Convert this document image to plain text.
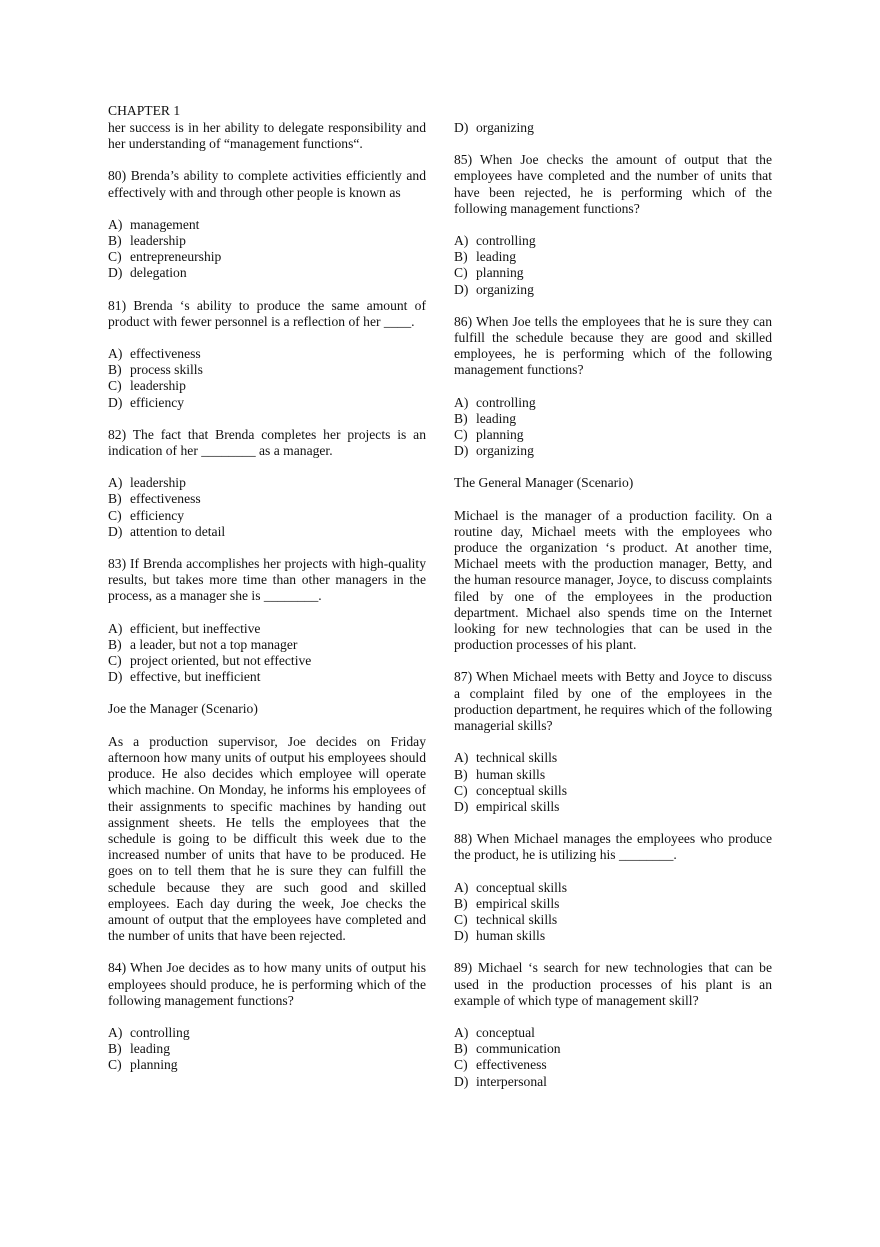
CHAPTER 1

her success is in her ability to delegate responsibility and her understanding of “management functions“.

80) Brenda’s ability to complete activities efficiently and effectively with and through other people is known as

A) management
B) leadership
C) entrepreneurship
D) delegation

81) Brenda ‘s ability to produce the same amount of product with fewer personnel is a reflection of her ____.

A) effectiveness
B) process skills
C) leadership
D) efficiency

82) The fact that Brenda completes her projects is an indication of her ________ as a manager.

A) leadership
B) effectiveness
C) efficiency
D) attention to detail

83) If Brenda accomplishes her projects with high-quality results, but takes more time than other managers in the process, as a manager she is ________.

A) efficient, but ineffective
B) a leader, but not a top manager
C) project oriented, but not effective
D) effective, but inefficient

Joe the Manager (Scenario)

As a production supervisor, Joe decides on Friday afternoon how many units of output his employees should produce. He also decides which employee will operate which machine. On Monday, he informs his employees of their assignments to specific machines by handing out assignment sheets. He tells the employees that the schedule is going to be difficult this week due to the increased number of units that have to be produced. He goes on to tell them that he is sure they can fulfill the schedule because they are such good and skilled employees. Each day during the week, Joe checks the amount of output that the employees have completed and the number of units that have been rejected.

84) When Joe decides as to how many units of output his employees should produce, he is performing which of the following management functions?

A) controlling
B) leading
C) planning
D) organizing

85) When Joe checks the amount of output that the employees have completed and the number of units that have been rejected, he is performing which of the following management functions?

A) controlling
B) leading
C) planning
D) organizing

86) When Joe tells the employees that he is sure they can fulfill the schedule because they are good and skilled employees, he is performing which of the following management functions?

A) controlling
B) leading
C) planning
D) organizing

The General Manager (Scenario)

Michael is the manager of a production facility. On a routine day, Michael meets with the employees who produce the organization ‘s product. At another time, Michael meets with the production manager, Betty, and the human resource manager, Joyce, to discuss complaints filed by one of the employees in the production department. Michael also spends time on the Internet looking for new technologies that can be used in the production processes of his plant.

87) When Michael meets with Betty and Joyce to discuss a complaint filed by one of the employees in the production department, he requires which of the following managerial skills?

A) technical skills
B) human skills
C) conceptual skills
D) empirical skills

88) When Michael manages the employees who produce the product, he is utilizing his ________.

A) conceptual skills
B) empirical skills
C) technical skills
D) human skills

89) Michael ‘s search for new technologies that can be used in the production processes of his plant is an example of which type of management skill?

A) conceptual
B) communication
C) effectiveness
D) interpersonal
